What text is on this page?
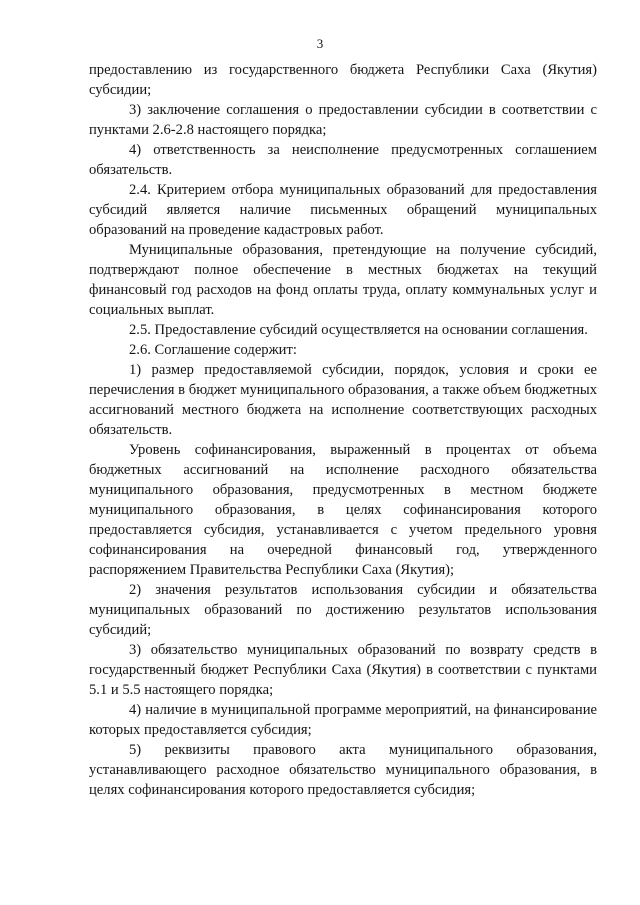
3

предоставлению из государственного бюджета Республики Саха (Якутия) субсидии;

3) заключение соглашения о предоставлении субсидии в соответствии с пунктами 2.6-2.8 настоящего порядка;

4) ответственность за неисполнение предусмотренных соглашением обязательств.

2.4. Критерием отбора муниципальных образований для предоставления субсидий является наличие письменных обращений муниципальных образований на проведение кадастровых работ.

Муниципальные образования, претендующие на получение субсидий, подтверждают полное обеспечение в местных бюджетах на текущий финансовый год расходов на фонд оплаты труда, оплату коммунальных услуг и социальных выплат.

2.5. Предоставление субсидий осуществляется на основании соглашения.

2.6. Соглашение содержит:

1) размер предоставляемой субсидии, порядок, условия и сроки ее перечисления в бюджет муниципального образования, а также объем бюджетных ассигнований местного бюджета на исполнение соответствующих расходных обязательств.

Уровень софинансирования, выраженный в процентах от объема бюджетных ассигнований на исполнение расходного обязательства муниципального образования, предусмотренных в местном бюджете муниципального образования, в целях софинансирования которого предоставляется субсидия, устанавливается с учетом предельного уровня софинансирования на очередной финансовый год, утвержденного распоряжением Правительства Республики Саха (Якутия);

2) значения результатов использования субсидии и обязательства муниципальных образований по достижению результатов использования субсидий;

3) обязательство муниципальных образований по возврату средств в государственный бюджет Республики Саха (Якутия) в соответствии с пунктами 5.1 и 5.5 настоящего порядка;

4) наличие в муниципальной программе мероприятий, на финансирование которых предоставляется субсидия;

5) реквизиты правового акта муниципального образования, устанавливающего расходное обязательство муниципального образования, в целях софинансирования которого предоставляется субсидия;
